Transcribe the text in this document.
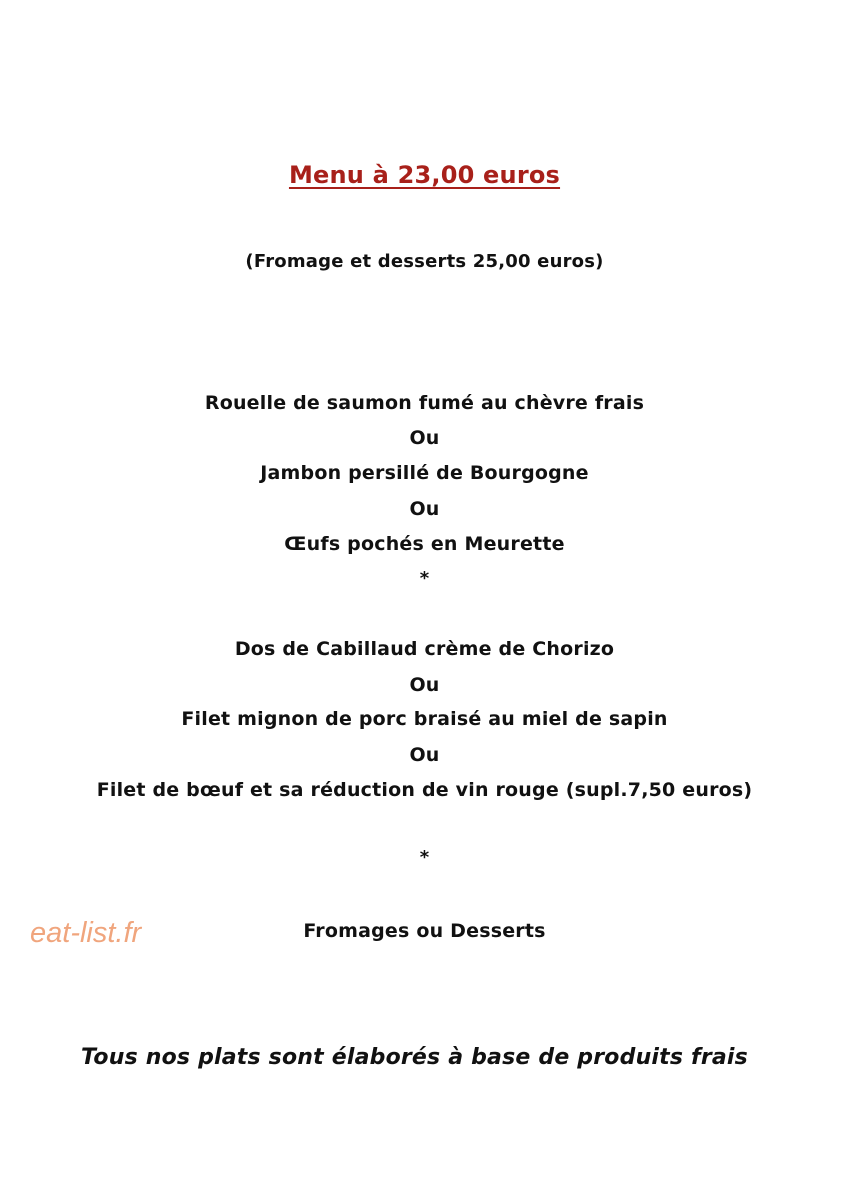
Menu à 23,00 euros
(Fromage et desserts 25,00 euros)
Rouelle de saumon fumé au chèvre frais
Ou
Jambon persillé de Bourgogne
Ou
Œufs pochés en Meurette
*
Dos de Cabillaud crème de Chorizo
Ou
Filet mignon de porc braisé au miel de sapin
Ou
Filet de bœuf et sa réduction de vin rouge (supl.7,50 euros)
*
Fromages ou Desserts
Tous nos plats sont élaborés à base de produits frais
eat-list.fr
